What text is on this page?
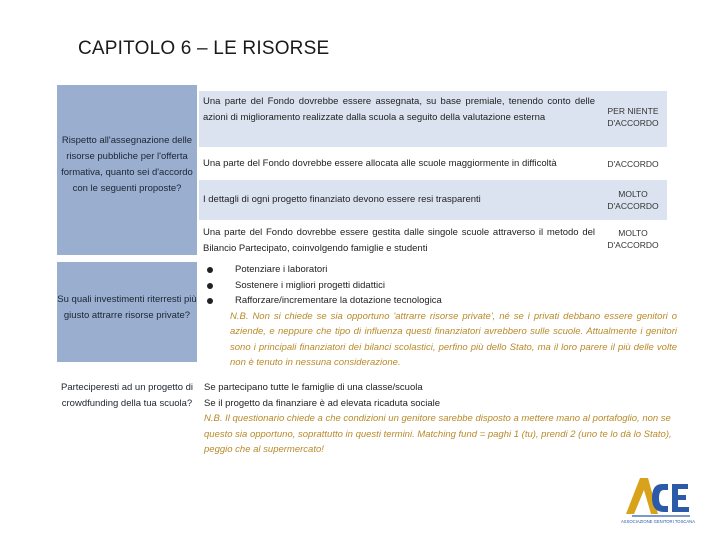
CAPITOLO 6 – LE RISORSE
Rispetto all'assegnazione delle risorse pubbliche per l'offerta formativa, quanto sei d'accordo con le seguenti proposte?
Una parte del Fondo dovrebbe essere assegnata, su base premiale, tenendo conto delle azioni di miglioramento realizzate dalla scuola a seguito della valutazione esterna
PER NIENTE D'ACCORDO
Una parte del Fondo dovrebbe essere allocata alle scuole maggiormente in difficoltà	D'ACCORDO
I dettagli di ogni progetto finanziato devono essere resi trasparenti	MOLTO D'ACCORDO
Una parte del Fondo dovrebbe essere gestita dalle singole scuole attraverso il metodo del Bilancio Partecipato, coinvolgendo famiglie e studenti
MOLTO D'ACCORDO
Su quali investimenti riterresti più giusto attrarre risorse private?
Potenziare i laboratori
Sostenere i migliori progetti didattici
Rafforzare/incrementare la dotazione tecnologica
N.B. Non si chiede se sia opportuno 'attrarre risorse private', né se i privati debbano essere genitori o aziende, e neppure che tipo di influenza questi finanziatori avrebbero sulle scuole. Attualmente i genitori sono i principali finanziatori dei bilanci scolastici, perfino più dello Stato, ma il loro parere il più delle volte non è tenuto in nessuna considerazione.
Parteciperesti ad un progetto di crowdfunding della tua scuola?
Se partecipano tutte le famiglie di una classe/scuola
Se il progetto da finanziare è ad elevata ricaduta sociale
N.B. Il questionario chiede a che condizioni un genitore sarebbe disposto a mettere mano al portafoglio, non se questo sia opportuno, soprattutto in questi termini. Matching fund = paghi 1 (tu), prendi 2 (uno te lo dà lo Stato), peggio che al supermercato!
ASSOCIAZIONE GENITORI TOSCANA
